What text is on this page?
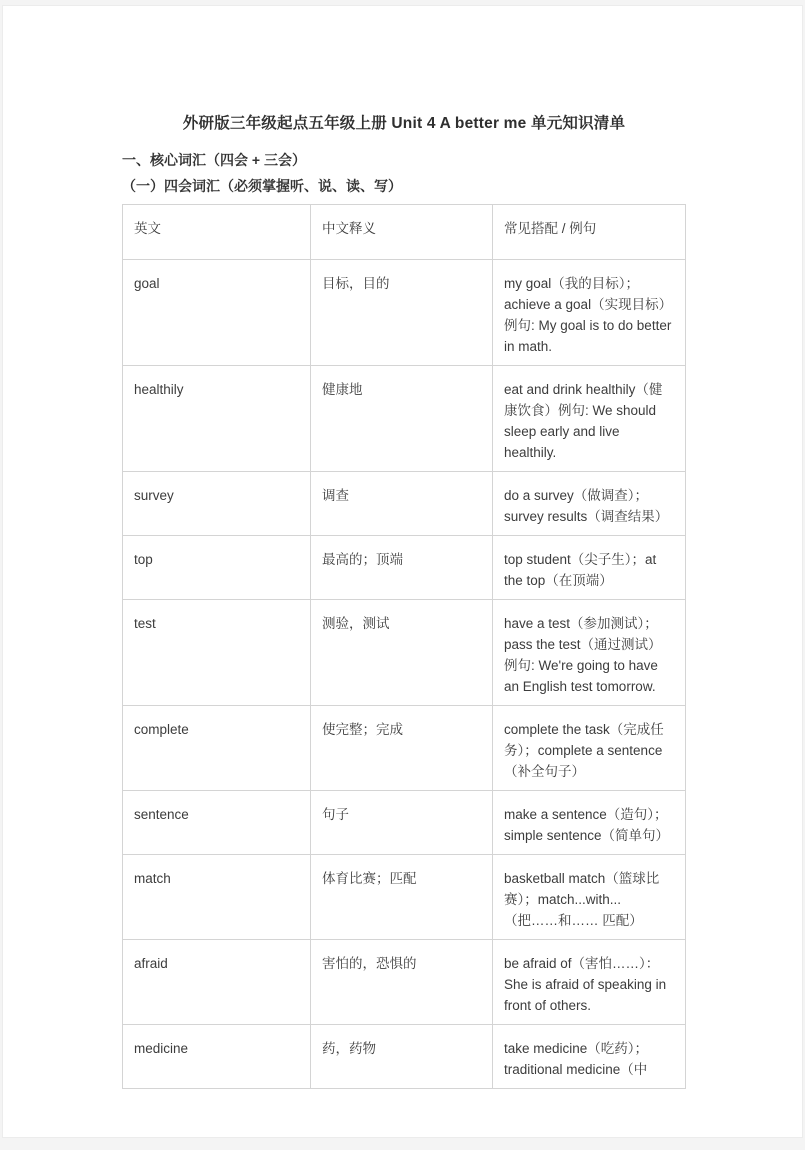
外研版三年级起点五年级上册 Unit 4 A better me 单元知识清单
一、核心词汇（四会 + 三会）
（一）四会词汇（必须掌握听、说、读、写）
英文	中文释义	常见搭配 / 例句
goal	目标，目的	my goal（我的目标）；achieve a goal（实现目标）例句: My goal is to do better in math.
healthily	健康地	eat and drink healthily（健康饮食）例句: We should sleep early and live healthily.
survey	调查	do a survey（做调查）；survey results（调查结果）
top	最高的；顶端	top student（尖子生）；at the top（在顶端）
test	测验，测试	have a test（参加测试）；pass the test（通过测试）例句: We're going to have an English test tomorrow.
complete	使完整；完成	complete the task（完成任务）；complete a sentence（补全句子）
sentence	句子	make a sentence（造句）；simple sentence（简单句）
match	体育比赛；匹配	basketball match（篮球比赛）；match...with...（把……和…… 匹配）
afraid	害怕的，恐惧的	be afraid of（害怕……）：She is afraid of speaking in front of others.
medicine	药，药物	take medicine（吃药）；traditional medicine（中
